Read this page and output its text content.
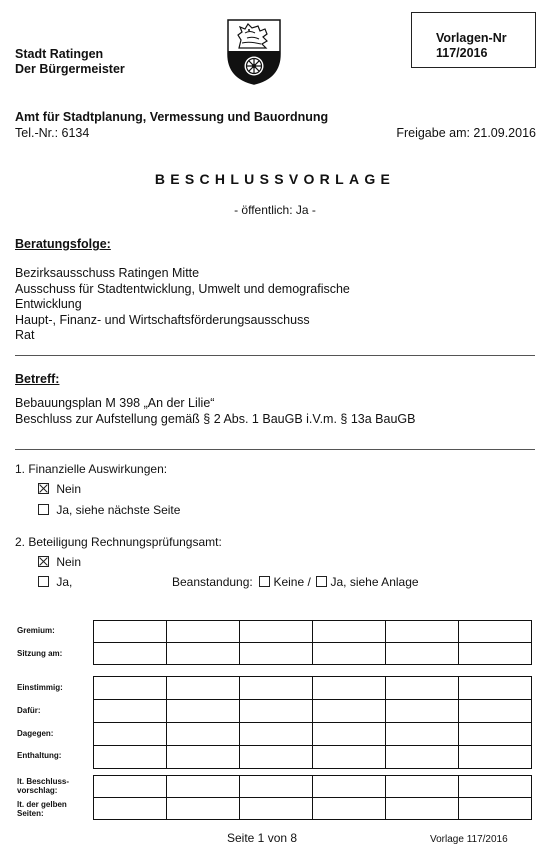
Stadt Ratingen
Der Bürgermeister
Vorlagen-Nr
117/2016
Amt für Stadtplanung, Vermessung und Bauordnung
Tel.-Nr.: 6134	Freigabe am: 21.09.2016
BESCHLUSSVORLAGE
- öffentlich: Ja -
Beratungsfolge:
Bezirksausschuss Ratingen Mitte
Ausschuss für Stadtentwicklung, Umwelt und demografische
Entwicklung
Haupt-, Finanz- und Wirtschaftsförderungsausschuss
Rat
Betreff:
Bebauungsplan M 398 „An der Lilie“
Beschluss zur Aufstellung gemäß § 2 Abs. 1 BauGB i.V.m. § 13a BauGB
1. Finanzielle Auswirkungen:
Nein
Ja, siehe nächste Seite
2. Beteiligung Rechnungsprüfungsamt:
Nein
Ja,	Beanstandung: Keine / Ja, siehe Anlage
Gremium:
Sitzung am:
Einstimmig:
Dafür:
Dagegen:
Enthaltung:
lt. Beschluss-
vorschlag:
lt. der gelben
Seiten:

Seite 1 von 8	Vorlage 117/2016
